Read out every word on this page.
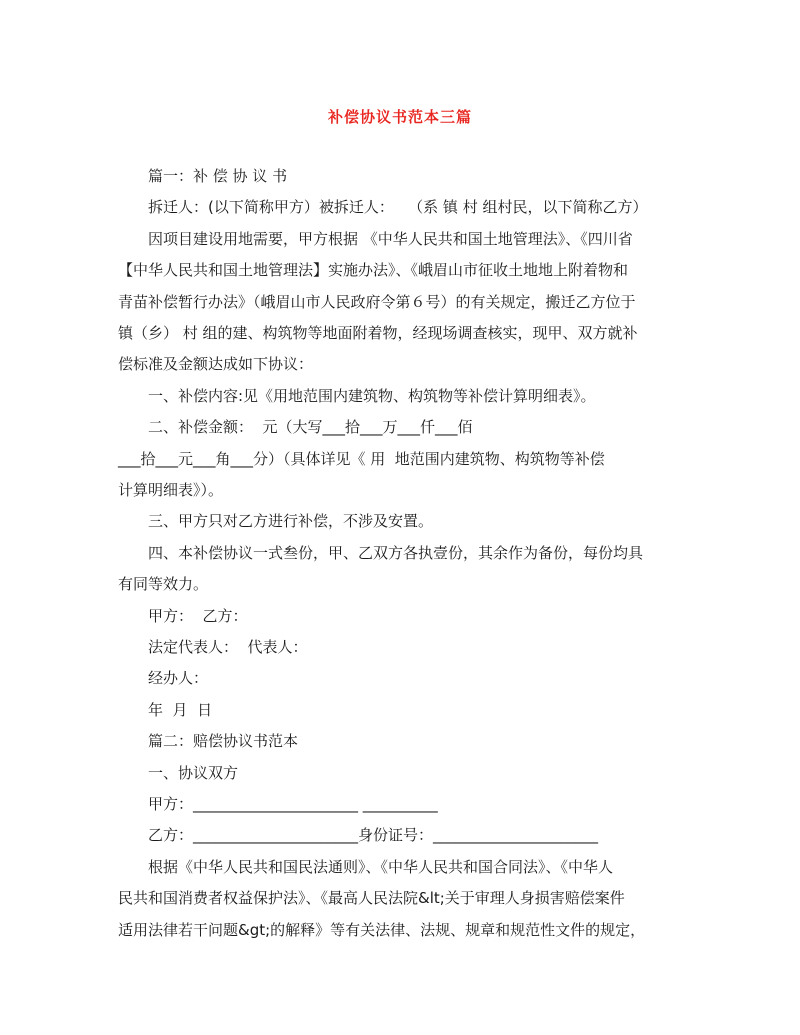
补偿协议书范本三篇
篇一：补 偿 协 议 书
拆迁人：(以下简称甲方）被拆迁人：   （系 镇 村 组村民，以下简称乙方）
因项目建设用地需要，甲方根据 《中华人民共和国土地管理法》、《四川省
【中华人民共和国土地管理法】实施办法》、《峨眉山市征收土地地上附着物和
青苗补偿暂行办法》（峨眉山市人民政府令第６号）的有关规定，搬迁乙方位于
镇（乡） 村 组的建、构筑物等地面附着物，经现场调查核实，现甲、双方就补
偿标准及金额达成如下协议：
一、补偿内容:见《用地范围内建筑物、构筑物等补偿计算明细表》。
二、补偿金额：  元（大写___拾___万___仟___佰
___拾___元___角___分）（具体详见《 用  地范围内建筑物、构筑物等补偿
计算明细表》）。
三、甲方只对乙方进行补偿，不涉及安置。
四、本补偿协议一式叁份，甲、乙双方各执壹份，其余作为备份，每份均具
有同等效力。
甲方：  乙方：
法定代表人：  代表人：
经办人：
年  月  日
篇二：赔偿协议书范本
一、协议双方
甲方：______________________ __________
乙方：______________________身份证号：______________________
根据《中华人民共和国民法通则》、《中华人民共和国合同法》、《中华人
民共和国消费者权益保护法》、《最高人民法院&lt;关于审理人身损害赔偿案件
适用法律若干问题&gt;的解释》等有关法律、法规、规章和规范性文件的规定，
